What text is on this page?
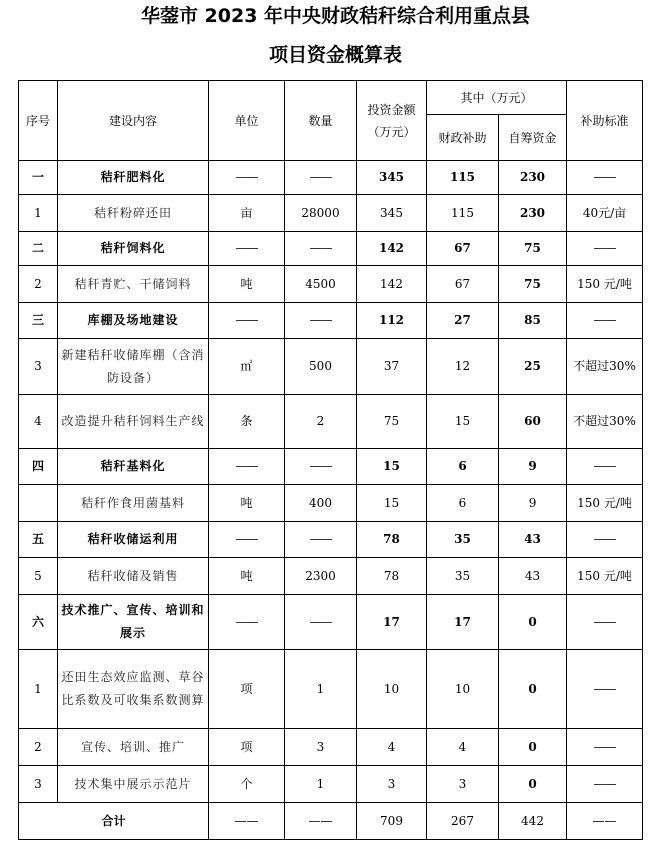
华蓥市 2023 年中央财政秸秆综合利用重点县
项目资金概算表
序号	建设内容	单位	数量	投资金额（万元）	其中（万元）		补助标准
					财政补助	自筹资金	
一	秸秆肥料化	——	——	345	115	230	——
1	秸秆粉碎还田	亩	28000	345	115	230	40元/亩
二	秸秆饲料化	——	——	142	67	75	——
2	秸秆青贮、干储饲料	吨	4500	142	67	75	150 元/吨
三	库棚及场地建设	——	——	112	27	85	——
3	新建秸秆收储库棚（含消防设备）	㎡	500	37	12	25	不超过30%
4	改造提升秸秆饲料生产线	条	2	75	15	60	不超过30%
四	秸秆基料化	——	——	15	6	9	——
	秸秆作食用菌基料	吨	400	15	6	9	150 元/吨
五	秸秆收储运利用	——	——	78	35	43	——
5	秸秆收储及销售	吨	2300	78	35	43	150 元/吨
六	技术推广、宣传、培训和展示	——	——	17	17	0	——
1	还田生态效应监测、草谷比系数及可收集系数测算	项	1	10	10	0	——
2	宣传、培训、推广	项	3	4	4	0	——
3	技术集中展示示范片	个	1	3	3	0	——
合计		——	——	709	267	442	——
